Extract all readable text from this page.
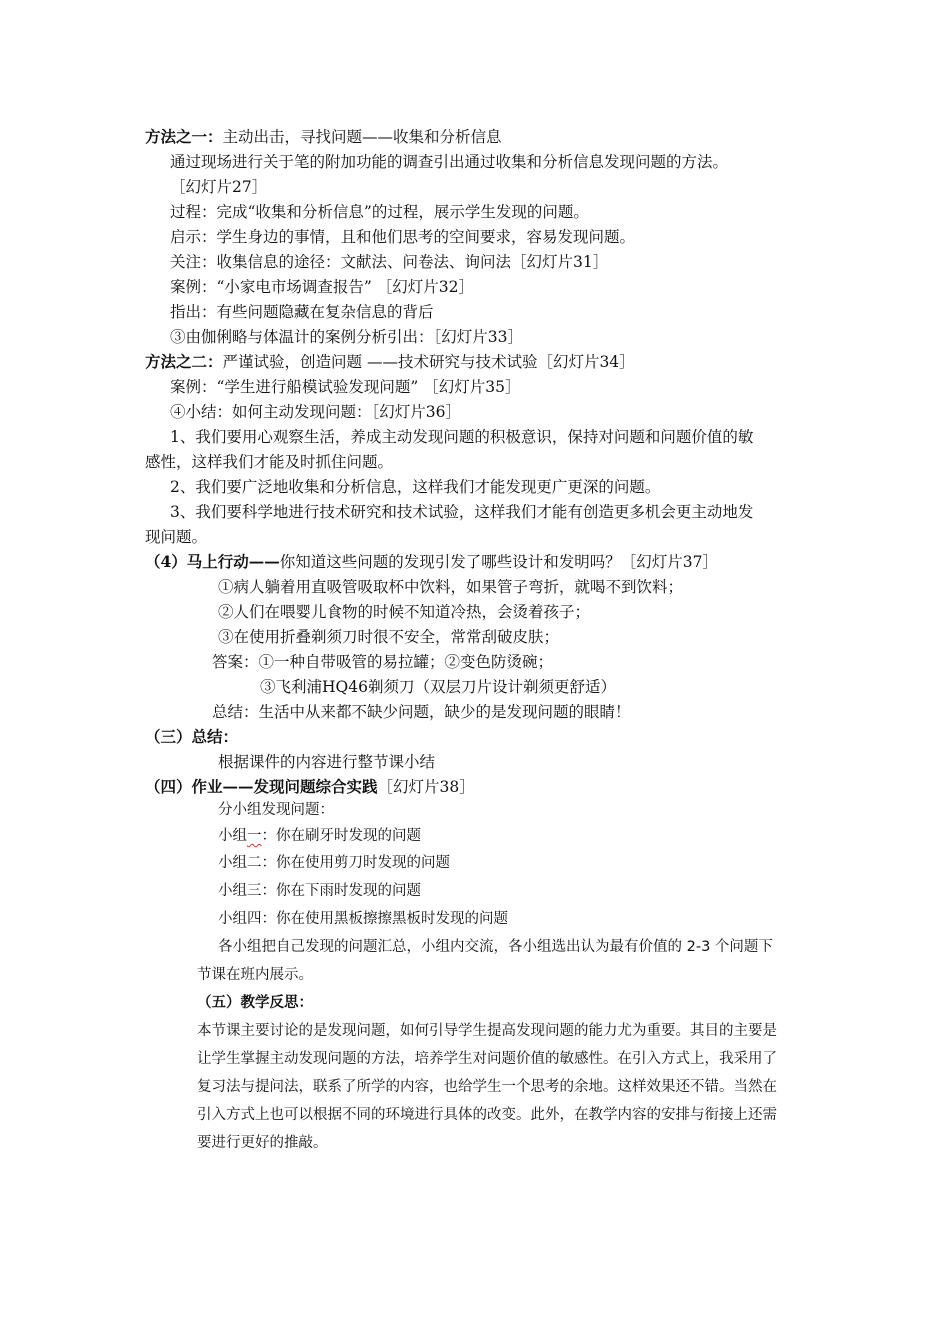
方法之一：主动出击，寻找问题——收集和分析信息
通过现场进行关于笔的附加功能的调查引出通过收集和分析信息发现问题的方法。
［幻灯片27］
过程：完成“收集和分析信息”的过程，展示学生发现的问题。
启示：学生身边的事情，且和他们思考的空间要求，容易发现问题。
关注：收集信息的途径：文献法、问卷法、询问法［幻灯片31］
案例：“小家电市场调查报告” ［幻灯片32］
指出：有些问题隐藏在复杂信息的背后
③由伽俐略与体温计的案例分析引出：［幻灯片33］
方法之二：严谨试验，创造问题 ——技术研究与技术试验［幻灯片34］
案例：“学生进行船模试验发现问题” ［幻灯片35］
④小结：如何主动发现问题：［幻灯片36］
1、我们要用心观察生活，养成主动发现问题的积极意识，保持对问题和问题价值的敏
感性，这样我们才能及时抓住问题。
2、我们要广泛地收集和分析信息，这样我们才能发现更广更深的问题。
3、我们要科学地进行技术研究和技术试验，这样我们才能有创造更多机会更主动地发
现问题。
（4）马上行动——你知道这些问题的发现引发了哪些设计和发明吗？［幻灯片37］
①病人躺着用直吸管吸取杯中饮料，如果管子弯折，就喝不到饮料；
②人们在喂婴儿食物的时候不知道冷热，会烫着孩子；
③在使用折叠剃须刀时很不安全，常常刮破皮肤；
答案：①一种自带吸管的易拉罐；②变色防烫碗；
③飞利浦HQ46剃须刀（双层刀片设计剃须更舒适）
总结：生活中从来都不缺少问题，缺少的是发现问题的眼睛！
（三）总结：
根据课件的内容进行整节课小结
（四）作业——发现问题综合实践［幻灯片38］
分小组发现问题：
小组一：你在刷牙时发现的问题
小组二：你在使用剪刀时发现的问题
小组三：你在下雨时发现的问题
小组四：你在使用黑板擦擦黑板时发现的问题
各小组把自己发现的问题汇总，小组内交流，各小组选出认为最有价值的 2-3 个问题下
节课在班内展示。
（五）教学反思：
本节课主要讨论的是发现问题，如何引导学生提高发现问题的能力尤为重要。其目的主要是
让学生掌握主动发现问题的方法，培养学生对问题价值的敏感性。在引入方式上，我采用了
复习法与提问法，联系了所学的内容，也给学生一个思考的余地。这样效果还不错。当然在
引入方式上也可以根据不同的环境进行具体的改变。此外，在教学内容的安排与衔接上还需
要进行更好的推敲。
